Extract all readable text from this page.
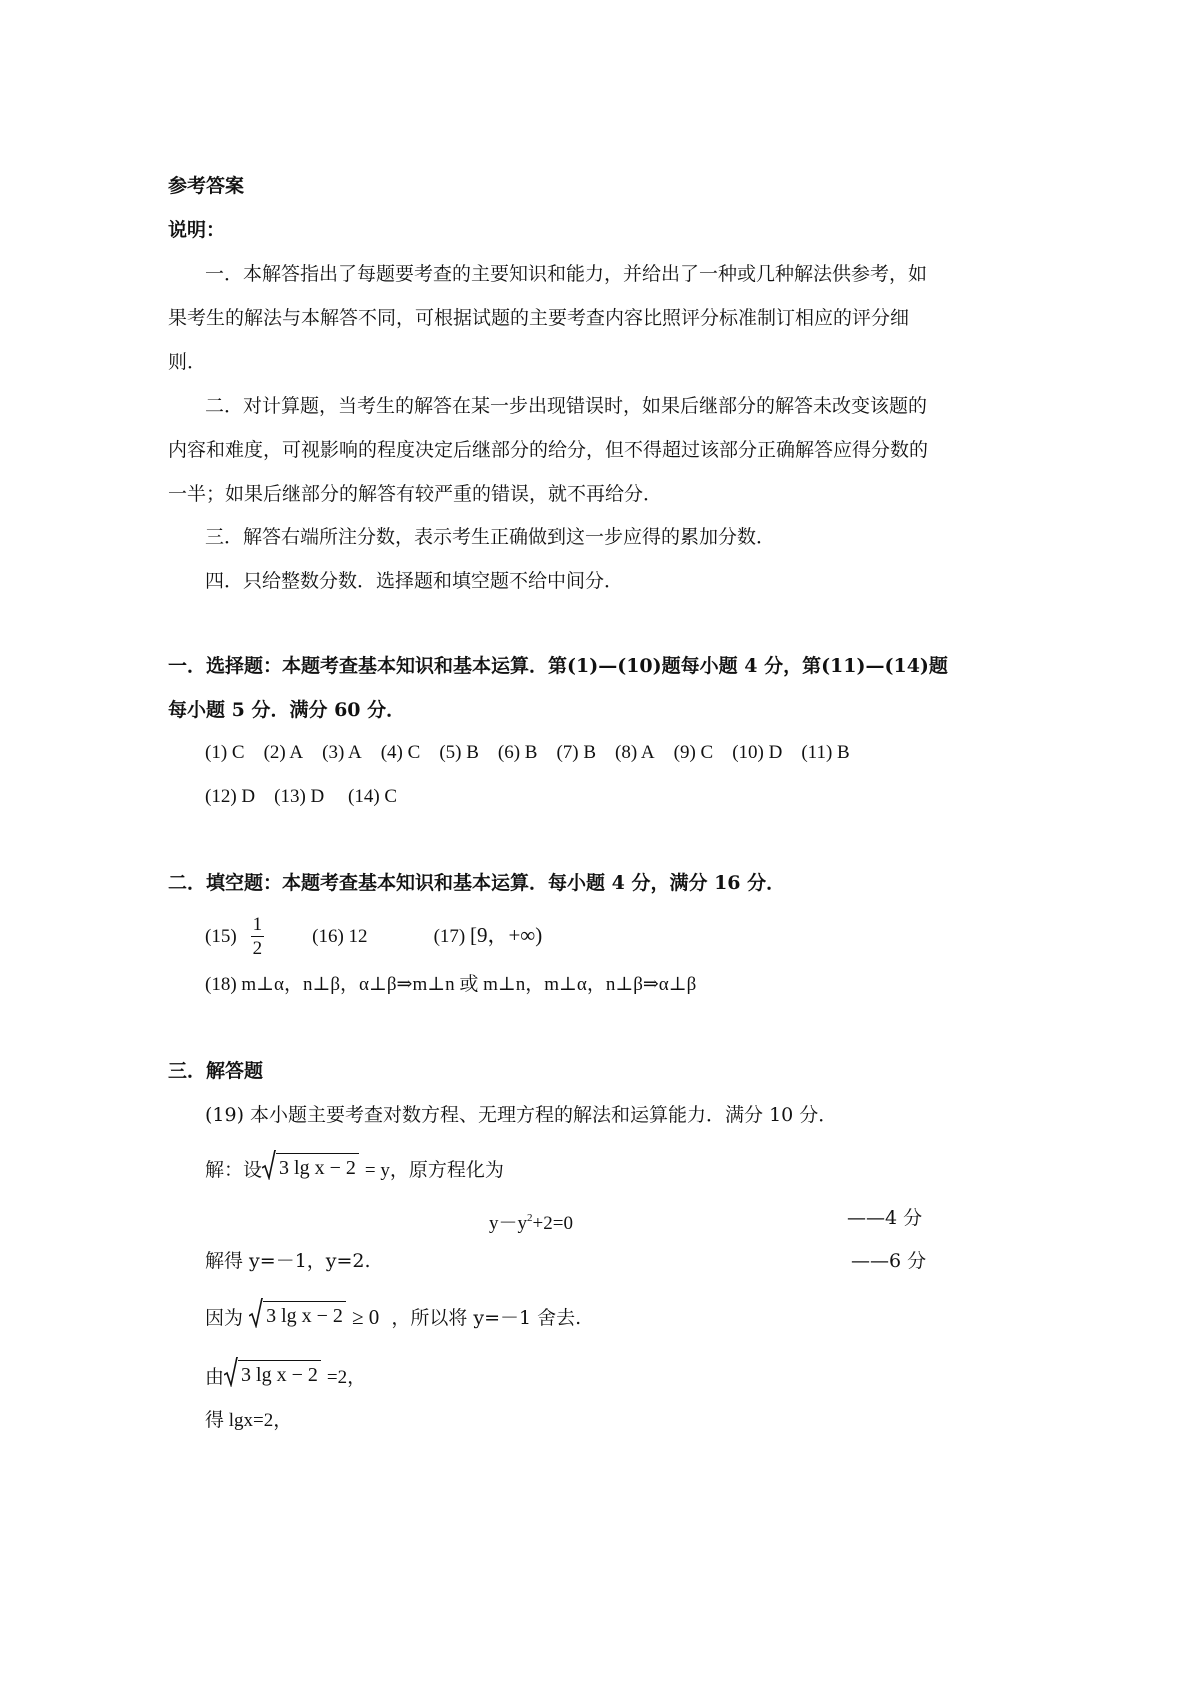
参考答案
说明：
一．本解答指出了每题要考查的主要知识和能力，并给出了一种或几种解法供参考，如
果考生的解法与本解答不同，可根据试题的主要考查内容比照评分标准制订相应的评分细
则．
二．对计算题，当考生的解答在某一步出现错误时，如果后继部分的解答未改变该题的
内容和难度，可视影响的程度决定后继部分的给分，但不得超过该部分正确解答应得分数的
一半；如果后继部分的解答有较严重的错误，就不再给分．
三．解答右端所注分数，表示考生正确做到这一步应得的累加分数．
四．只给整数分数．选择题和填空题不给中间分．
一．选择题：本题考查基本知识和基本运算．第(1)—(10)题每小题 4 分，第(11)—(14)题
每小题 5 分．满分 60 分．
(1) C (2) A (3) A (4) C (5) B (6) B (7) B (8) A (9) C (10) D (11) B
(12) D (13) D (14) C
二．填空题：本题考查基本知识和基本运算．每小题 4 分，满分 16 分．
$(15) \frac{1}{2}$	(16) 12	(17) [9，+∞)
(18) m⊥α，n⊥β，α⊥β⇒m⊥n 或 m⊥n，m⊥α，n⊥β⇒α⊥β
三．解答题
(19) 本小题主要考查对数方程、无理方程的解法和运算能力．满分 10 分．
解：设 3 lg x − 2 = y，原方程化为
$y-y^2+2=0$	——4 分
解得 y=－1，y=2.	——6 分
因为 3 lg x − 2 ≥ 0 ，所以将 y=－1 舍去.
由 3 lg x − 2 =2，
得 lgx=2，
